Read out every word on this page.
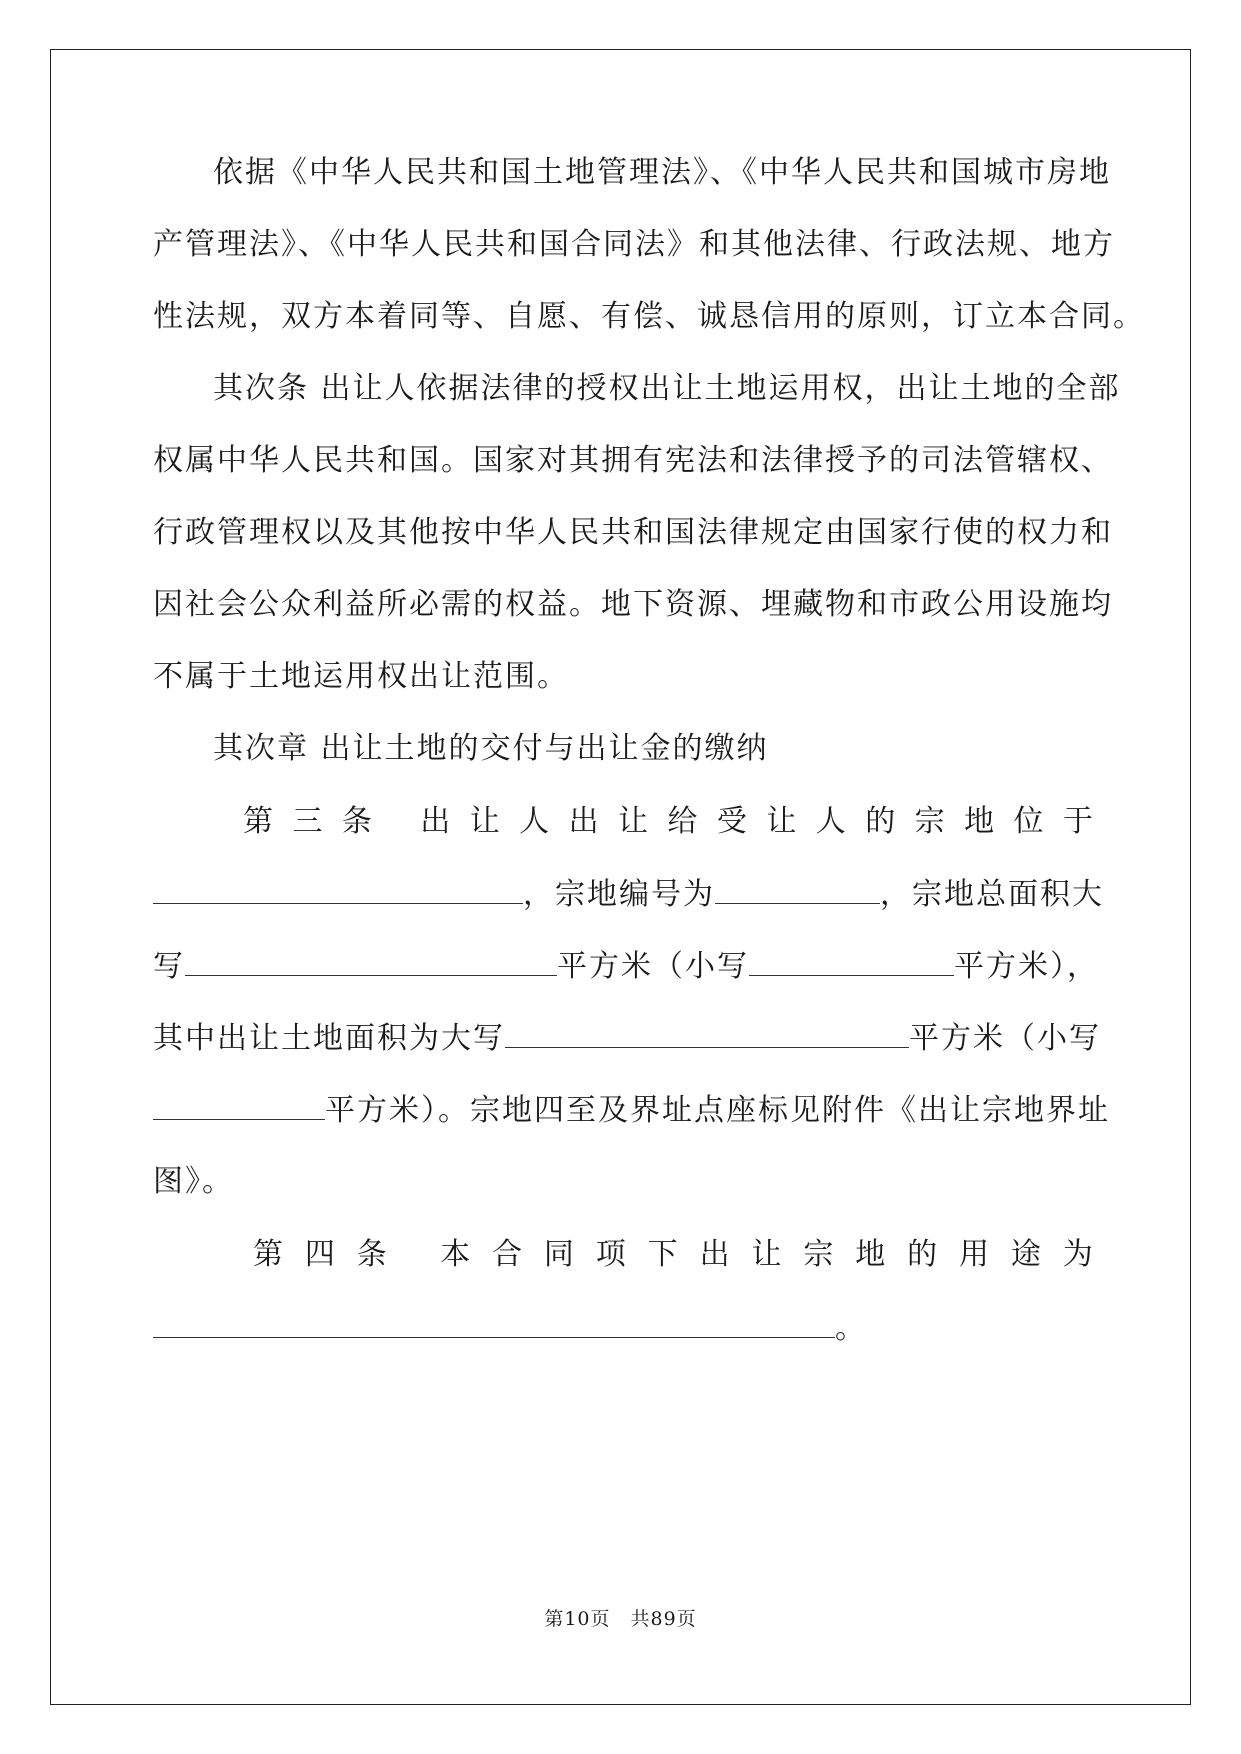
依据《中华人民共和国土地管理法》、《中华人民共和国城市房地
产管理法》、《中华人民共和国合同法》和其他法律、行政法规、地方
性法规，双方本着同等、自愿、有偿、诚恳信用的原则，订立本合同。
其次条 出让人依据法律的授权出让土地运用权，出让土地的全部
权属中华人民共和国。国家对其拥有宪法和法律授予的司法管辖权、
行政管理权以及其他按中华人民共和国法律规定由国家行使的权力和
因社会公众利益所必需的权益。地下资源、埋藏物和市政公用设施均
不属于土地运用权出让范围。
其次章 出让土地的交付与出让金的缴纳
第 三 条
出 让 人 出 让 给 受 让 人 的 宗 地 位 于
，宗地编号为	，宗地总面积大
写	平方米（小写	平方米），
其中出让土地面积为大写	平方米（小写
平方米）。宗地四至及界址点座标见附件《出让宗地界址
图》。
第 四 条
本 合 同 项 下 出 让 宗 地 的 用 途 为
。
第10页　共89页
